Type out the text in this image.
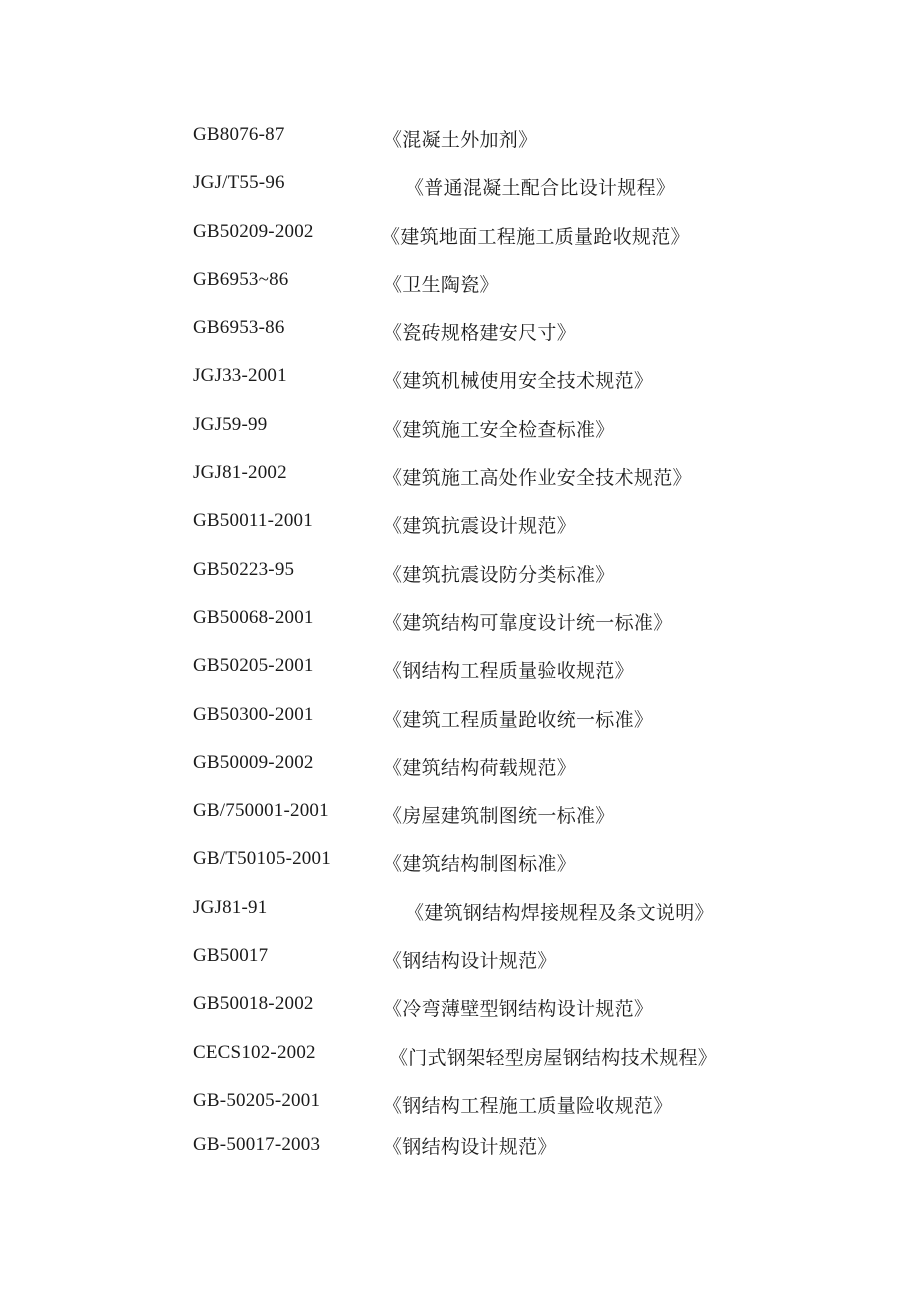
GB8076-87	《混凝土外加剂》
JGJ/T55-96	《普通混凝土配合比设计规程》
GB50209-2002	《建筑地面工程施工质量跄收规范》
GB6953~86	《卫生陶瓷》
GB6953-86	《瓷砖规格建安尺寸》
JGJ33-2001	《建筑机械使用安全技术规范》
JGJ59-99	《建筑施工安全检查标准》
JGJ81-2002	《建筑施工高处作业安全技术规范》
GB50011-2001	《建筑抗震设计规范》
GB50223-95	《建筑抗震设防分类标准》
GB50068-2001	《建筑结构可靠度设计统一标准》
GB50205-2001	《钢结构工程质量验收规范》
GB50300-2001	《建筑工程质量跄收统一标准》
GB50009-2002	《建筑结构荷载规范》
GB/750001-2001	《房屋建筑制图统一标准》
GB/T50105-2001	《建筑结构制图标准》
JGJ81-91	《建筑钢结构焊接规程及条文说明》
GB50017	《钢结构设计规范》
GB50018-2002	《冷弯薄壁型钢结构设计规范》
CECS102-2002	《门式钢架轻型房屋钢结构技术规程》
GB-50205-2001	《钢结构工程施工质量险收规范》
GB-50017-2003	《钢结构设计规范》
